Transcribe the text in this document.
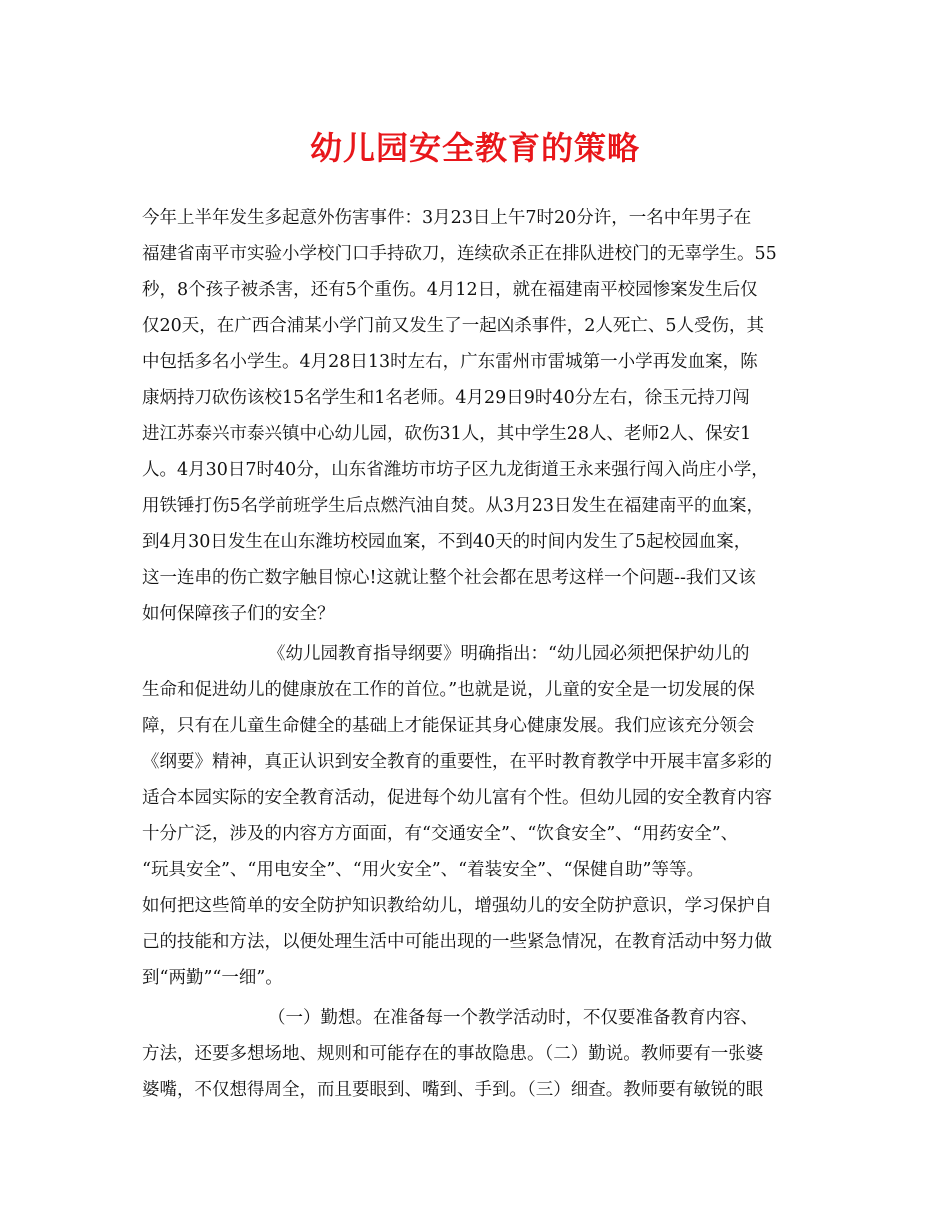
幼儿园安全教育的策略
今年上半年发生多起意外伤害事件：3月23日上午7时20分许，一名中年男子在
福建省南平市实验小学校门口手持砍刀，连续砍杀正在排队进校门的无辜学生。55
秒，8个孩子被杀害，还有5个重伤。4月12日，就在福建南平校园惨案发生后仅
仅20天，在广西合浦某小学门前又发生了一起凶杀事件，2人死亡、5人受伤，其
中包括多名小学生。4月28日13时左右，广东雷州市雷城第一小学再发血案，陈
康炳持刀砍伤该校15名学生和1名老师。4月29日9时40分左右，徐玉元持刀闯
进江苏泰兴市泰兴镇中心幼儿园，砍伤31人，其中学生28人、老师2人、保安1
人。4月30日7时40分，山东省潍坊市坊子区九龙街道王永来强行闯入尚庄小学，
用铁锤打伤5名学前班学生后点燃汽油自焚。从3月23日发生在福建南平的血案，
到4月30日发生在山东潍坊校园血案，不到40天的时间内发生了5起校园血案，
这一连串的伤亡数字触目惊心!这就让整个社会都在思考这样一个问题--我们又该
如何保障孩子们的安全？
《幼儿园教育指导纲要》明确指出：“幼儿园必须把保护幼儿的
生命和促进幼儿的健康放在工作的首位。”也就是说，儿童的安全是一切发展的保
障，只有在儿童生命健全的基础上才能保证其身心健康发展。我们应该充分领会
《纲要》精神，真正认识到安全教育的重要性，在平时教育教学中开展丰富多彩的
适合本园实际的安全教育活动，促进每个幼儿富有个性。但幼儿园的安全教育内容
十分广泛，涉及的内容方方面面，有“交通安全”、“饮食安全”、“用药安全”、
“玩具安全”、“用电安全”、“用火安全”、“着装安全”、“保健自助”等等。
如何把这些简单的安全防护知识教给幼儿，增强幼儿的安全防护意识，学习保护自
己的技能和方法，以便处理生活中可能出现的一些紧急情况，在教育活动中努力做
到“两勤”“一细”。
（一）勤想。在准备每一个教学活动时，不仅要准备教育内容、
方法，还要多想场地、规则和可能存在的事故隐患。（二）勤说。教师要有一张婆
婆嘴，不仅想得周全，而且要眼到、嘴到、手到。（三）细查。教师要有敏锐的眼
